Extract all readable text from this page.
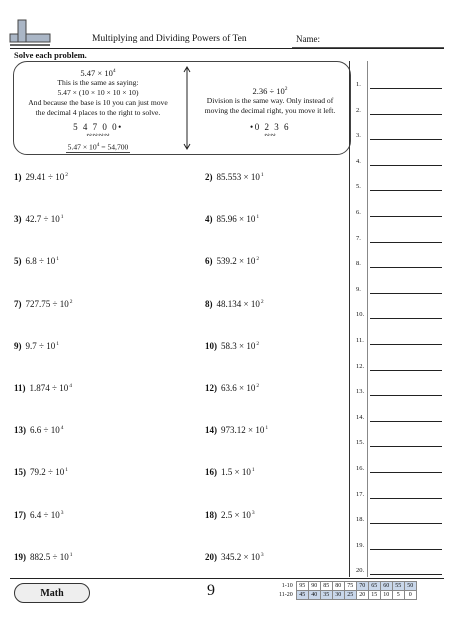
Multiplying and Dividing Powers of Ten	Name:
Solve each problem.
$5.47 \times 10^4$
This is the same as saying:
5.47 × (10 × 10 × 10 × 10)
And because the base is 10 you can just move
the decimal 4 places to the right to solve.
5 4 7 0 0•
∾∾∾∾
$5.47 \times 10^4 = 54,700$
$2.36 \div 10^2$
Division is the same way. Only instead of
moving the decimal right, you move it left.
•0 2 3 6
∾∾
1) $29.41 \div 10^2$	2) $85.553 \times 10^1$
3) $42.7 \div 10^1$	4) $85.96 \times 10^1$
5) $6.8 \div 10^1$	6) $539.2 \times 10^2$
7) $727.75 \div 10^2$	8) $48.134 \times 10^2$
9) $9.7 \div 10^1$	10) $58.3 \times 10^2$
11) $1.874 \div 10^4$	12) $63.6 \times 10^2$
13) $6.6 \div 10^4$	14) $973.12 \times 10^1$
15) $79.2 \div 10^1$	16) $1.5 \times 10^1$
17) $6.4 \div 10^3$	18) $2.5 \times 10^3$
19) $882.5 \div 10^1$	20) $345.2 \times 10^3$
1.
2.
3.
4.
5.
6.
7.
8.
9.
10.
11.
12.
13.
14.
15.
16.
17.
18.
19.
20.
Math	9	1-10	95	90	85	80	75	70	65	60	55	50
11-20	45	40	35	30	25	20	15	10	5	0
